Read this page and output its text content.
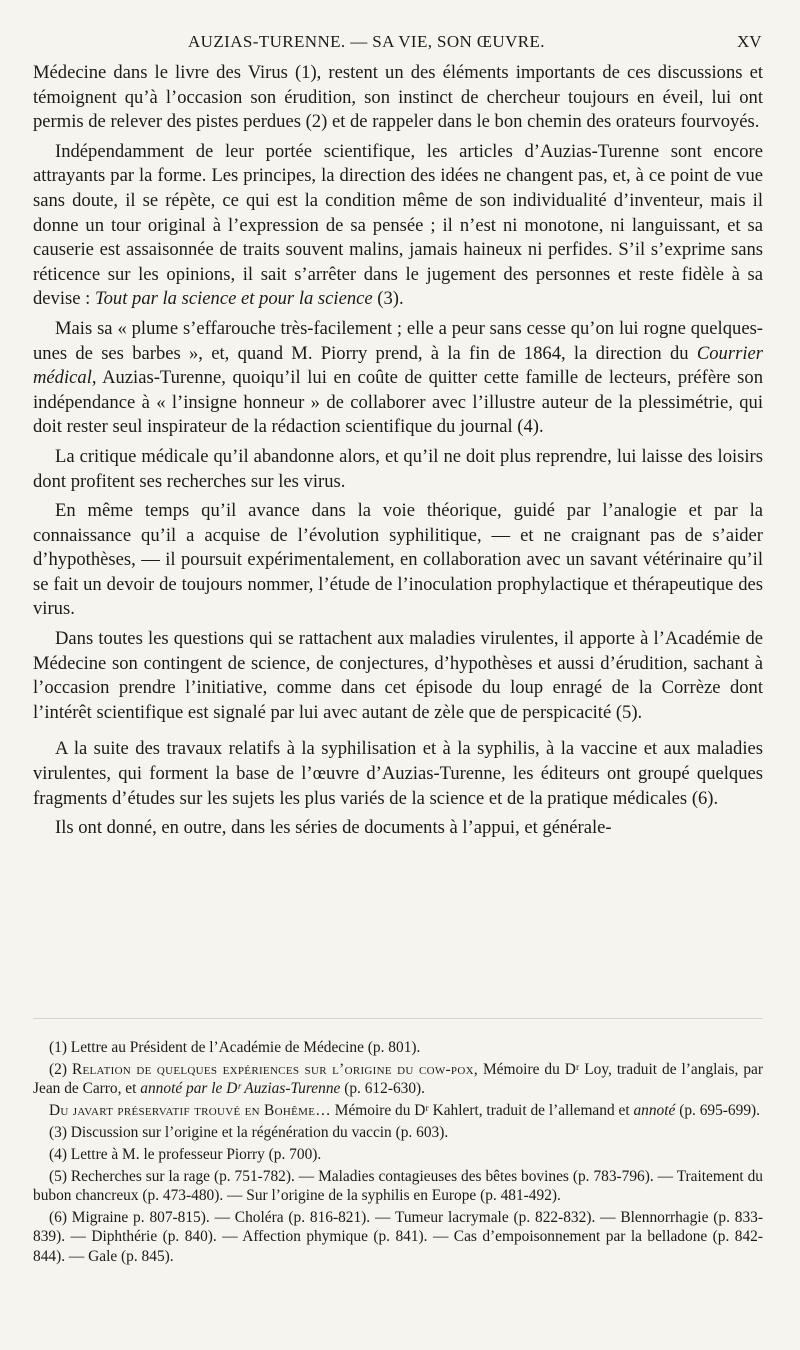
AUZIAS-TURENNE. — SA VIE, SON ŒUVRE.	XV

Médecine dans le livre des Virus (1), restent un des éléments importants de ces discussions et témoignent qu’à l’occasion son érudition, son instinct de chercheur toujours en éveil, lui ont permis de relever des pistes perdues (2) et de rappeler dans le bon chemin des orateurs fourvoyés.

Indépendamment de leur portée scientifique, les articles d’Auzias-Turenne sont encore attrayants par la forme. Les principes, la direction des idées ne changent pas, et, à ce point de vue sans doute, il se répète, ce qui est la condition même de son individualité d’inventeur, mais il donne un tour original à l’expression de sa pensée ; il n’est ni monotone, ni languissant, et sa causerie est assaisonnée de traits souvent malins, jamais haineux ni perfides. S’il s’exprime sans réticence sur les opinions, il sait s’arrêter dans le jugement des personnes et reste fidèle à sa devise : Tout par la science et pour la science (3).

Mais sa « plume s’effarouche très-facilement ; elle a peur sans cesse qu’on lui rogne quelques-unes de ses barbes », et, quand M. Piorry prend, à la fin de 1864, la direction du Courrier médical, Auzias-Turenne, quoiqu’il lui en coûte de quitter cette famille de lecteurs, préfère son indépendance à « l’insigne honneur » de collaborer avec l’illustre auteur de la plessimétrie, qui doit rester seul inspirateur de la rédaction scientifique du journal (4).

La critique médicale qu’il abandonne alors, et qu’il ne doit plus reprendre, lui laisse des loisirs dont profitent ses recherches sur les virus.

En même temps qu’il avance dans la voie théorique, guidé par l’analogie et par la connaissance qu’il a acquise de l’évolution syphilitique, — et ne craignant pas de s’aider d’hypothèses, — il poursuit expérimentalement, en collaboration avec un savant vétérinaire qu’il se fait un devoir de toujours nommer, l’étude de l’inoculation prophylactique et thérapeutique des virus.

Dans toutes les questions qui se rattachent aux maladies virulentes, il apporte à l’Académie de Médecine son contingent de science, de conjectures, d’hypothèses et aussi d’érudition, sachant à l’occasion prendre l’initiative, comme dans cet épisode du loup enragé de la Corrèze dont l’intérêt scientifique est signalé par lui avec autant de zèle que de perspicacité (5).

A la suite des travaux relatifs à la syphilisation et à la syphilis, à la vaccine et aux maladies virulentes, qui forment la base de l’œuvre d’Auzias-Turenne, les éditeurs ont groupé quelques fragments d’études sur les sujets les plus variés de la science et de la pratique médicales (6).

Ils ont donné, en outre, dans les séries de documents à l’appui, et générale-

(1) Lettre au Président de l’Académie de Médecine (p. 801).

(2) Relation de quelques expériences sur l’origine du cow-pox, Mémoire du Dʳ Loy, traduit de l’anglais, par Jean de Carro, et annoté par le Dʳ Auzias-Turenne (p. 612-630).

Du javart préservatif trouvé en Bohême… Mémoire du Dʳ Kahlert, traduit de l’allemand et annoté (p. 695-699).

(3) Discussion sur l’origine et la régénération du vaccin (p. 603).

(4) Lettre à M. le professeur Piorry (p. 700).

(5) Recherches sur la rage (p. 751-782). — Maladies contagieuses des bêtes bovines (p. 783-796). — Traitement du bubon chancreux (p. 473-480). — Sur l’origine de la syphilis en Europe (p. 481-492).

(6) Migraine p. 807-815). — Choléra (p. 816-821). — Tumeur lacrymale (p. 822-832). — Blennorrhagie (p. 833-839). — Diphthérie (p. 840). — Affection phymique (p. 841). — Cas d’empoisonnement par la belladone (p. 842-844). — Gale (p. 845).
